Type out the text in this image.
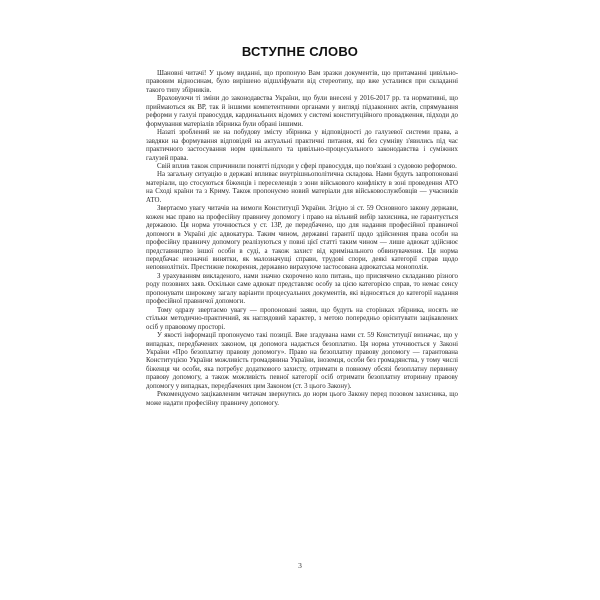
ВСТУПНЕ СЛОВО

Шановні читачі! У цьому виданні, що пропоную Вам зразки документів, що притаманні цивільно-правовим відносинам, було вирішено відшліфувати від стереотипу, що вже усталився при складанні такого типу збірників.

Враховуючи ті зміни до законодавства України, що були внесені у 2016-2017 рр. та нормативні, що приймаються як ВР, так й іншими компетентними органами у вигляді підзаконних актів, спрямування реформи у галузі правосуддя, кардинальних відомих у системі конституційного провадження, підходи до формування матеріалів збірника були обрані іншими.

Назаті зроблений не на побудову змісту збірника у відповідності до галузевої системи права, а завдяки на формування відповідей на актуальні практичні питання, які без сумніву з'явились під час практичного застосування норм цивільного та цивільно-процесуального законодавства і суміжних галузей права.

Свій вплив також спричинили понятті підходи у сфері правосуддя, що пов'язані з судовою реформою.

На загальну ситуацію в державі впливає внутрішньополітична складова. Нами будуть запропоновані матеріали, що стосуються біженців і переселенців з зони військового конфлікту в зоні проведення АТО на Сході країни та з Криму. Також пропонуємо новий матеріали для військовослужбовців — учасників АТО.

Звертаємо увагу читачів на вимоги Конституції України. Згідно зі ст. 59 Основного закону держави, кожен має право на професійну правничу допомогу і право на вільний вибір захисника, не гарантується державою. Ця норма уточнюється у ст. 13Р, де передбачено, що для надання професійної правничої допомоги в Україні діє адвокатура. Таким чином, державні гарантії щодо здійснення права особи на професійну правничу допомогу реалізуються у повні цієї статті таким чином — лише адвокат здійснює представництво іншої особи в суді, а також захист від кримінального обвинувачення. Ця норма передбачає незначні винятки, як малозначущі справи, трудові спори, деякі категорії справ щодо неповнолітніх. Престижне покорення, державно вирахуюче застосована адвокатська монополія.

З урахуванням викладеного, нами значно скорочено коло питань, що присвячено складанню різного роду позовних заяв. Оскільки саме адвокат представляє особу за цією категорією справ, то немає сенсу пропонувати широкому загалу варіанти процесуальних документів, які відносяться до категорії надання професійної правничої допомоги.

Тому одразу звертаємо увагу — пропоновані заяви, що будуть на сторінках збірника, носять не стільки методично-практичний, як наглядовий характер, з метою попередньо орієнтувати зацікавлених осіб у правовому просторі.

У якості інформації пропонуємо такі позиції. Вже згадувана нами ст. 59 Конституції визначає, що у випадках, передбачених законом, ця допомога надається безоплатно. Ця норма уточнюється у Законі України «Про безоплатну правову допомогу». Право на безоплатну правову допомогу — гарантована Конституцією України можливість громадянина України, іноземця, особи без громадянства, у тому числі біженця чи особи, яка потребує додаткового захисту, отримати в повному обсязі безоплатну первинну правову допомогу, а також можливість певної категорії осіб отримати безоплатну вторинну правову допомогу у випадках, передбачених цим Законом (ст. 3 цього Закону).

Рекомендуємо зацікавленим читачам звернутись до норм цього Закону перед позовом захисника, що може надати професійну правничу допомогу.

3
